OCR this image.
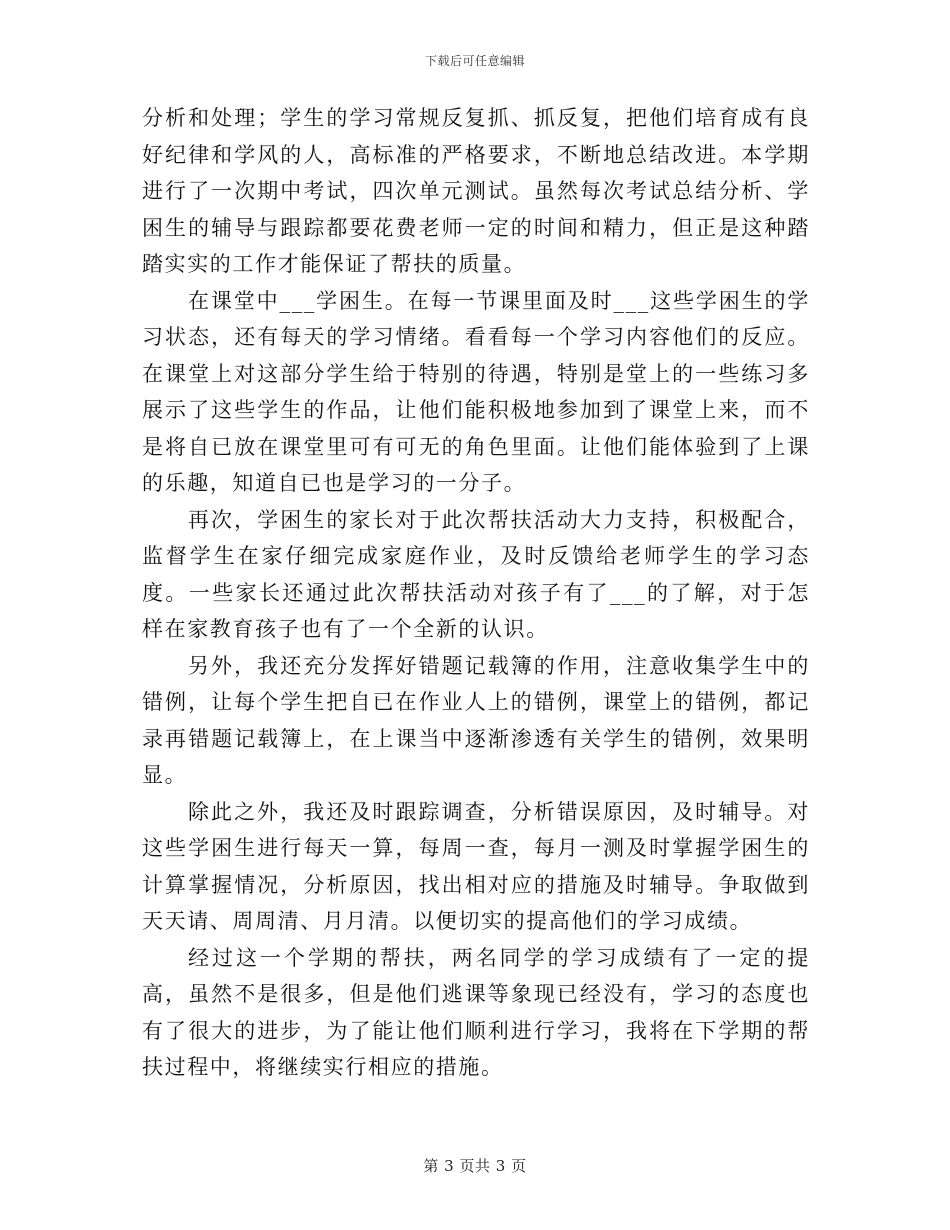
下载后可任意编辑

分析和处理；学生的学习常规反复抓、抓反复，把他们培育成有良好纪律和学风的人，高标准的严格要求，不断地总结改进。本学期进行了一次期中考试，四次单元测试。虽然每次考试总结分析、学困生的辅导与跟踪都要花费老师一定的时间和精力，但正是这种踏踏实实的工作才能保证了帮扶的质量。

在课堂中___学困生。在每一节课里面及时___这些学困生的学习状态，还有每天的学习情绪。看看每一个学习内容他们的反应。在课堂上对这部分学生给于特别的待遇，特别是堂上的一些练习多展示了这些学生的作品，让他们能积极地参加到了课堂上来，而不是将自已放在课堂里可有可无的角色里面。让他们能体验到了上课的乐趣，知道自已也是学习的一分子。

再次，学困生的家长对于此次帮扶活动大力支持，积极配合，监督学生在家仔细完成家庭作业，及时反馈给老师学生的学习态度。一些家长还通过此次帮扶活动对孩子有了___的了解，对于怎样在家教育孩子也有了一个全新的认识。

另外，我还充分发挥好错题记载簿的作用，注意收集学生中的错例，让每个学生把自已在作业人上的错例，课堂上的错例，都记录再错题记载簿上，在上课当中逐渐渗透有关学生的错例，效果明显。

除此之外，我还及时跟踪调查，分析错误原因，及时辅导。对这些学困生进行每天一算，每周一查，每月一测及时掌握学困生的计算掌握情况，分析原因，找出相对应的措施及时辅导。争取做到天天请、周周清、月月清。以便切实的提高他们的学习成绩。

经过这一个学期的帮扶，两名同学的学习成绩有了一定的提高，虽然不是很多，但是他们逃课等象现已经没有，学习的态度也有了很大的进步，为了能让他们顺利进行学习，我将在下学期的帮扶过程中，将继续实行相应的措施。

第 3 页共 3 页
